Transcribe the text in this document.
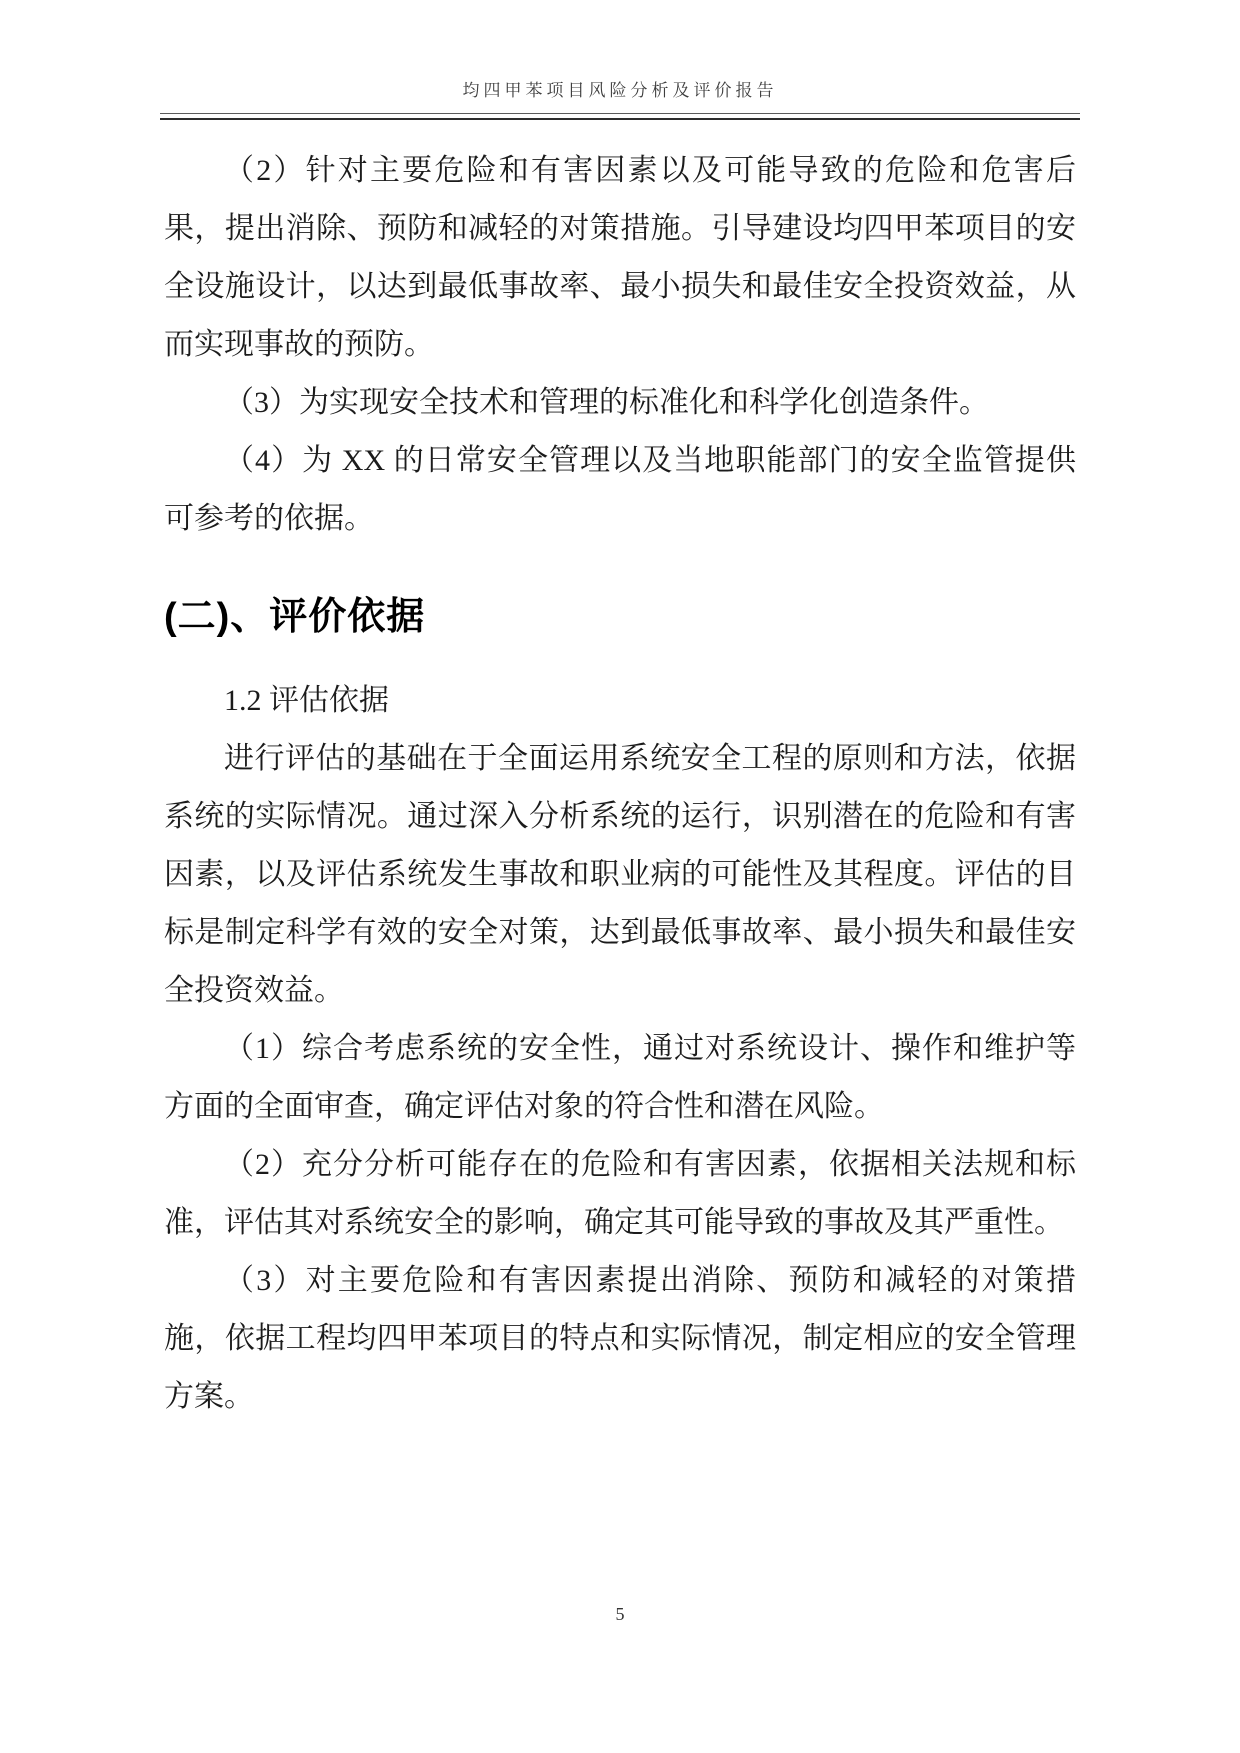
均四甲苯项目风险分析及评价报告

（2）针对主要危险和有害因素以及可能导致的危险和危害后果，提出消除、预防和减轻的对策措施。引导建设均四甲苯项目的安全设施设计，以达到最低事故率、最小损失和最佳安全投资效益，从而实现事故的预防。

（3）为实现安全技术和管理的标准化和科学化创造条件。

（4）为 XX 的日常安全管理以及当地职能部门的安全监管提供可参考的依据。

(二)、评价依据

1.2 评估依据

进行评估的基础在于全面运用系统安全工程的原则和方法，依据系统的实际情况。通过深入分析系统的运行，识别潜在的危险和有害因素，以及评估系统发生事故和职业病的可能性及其程度。评估的目标是制定科学有效的安全对策，达到最低事故率、最小损失和最佳安全投资效益。

（1）综合考虑系统的安全性，通过对系统设计、操作和维护等方面的全面审查，确定评估对象的符合性和潜在风险。

（2）充分分析可能存在的危险和有害因素，依据相关法规和标准，评估其对系统安全的影响，确定其可能导致的事故及其严重性。

（3）对主要危险和有害因素提出消除、预防和减轻的对策措施，依据工程均四甲苯项目的特点和实际情况，制定相应的安全管理方案。

5
